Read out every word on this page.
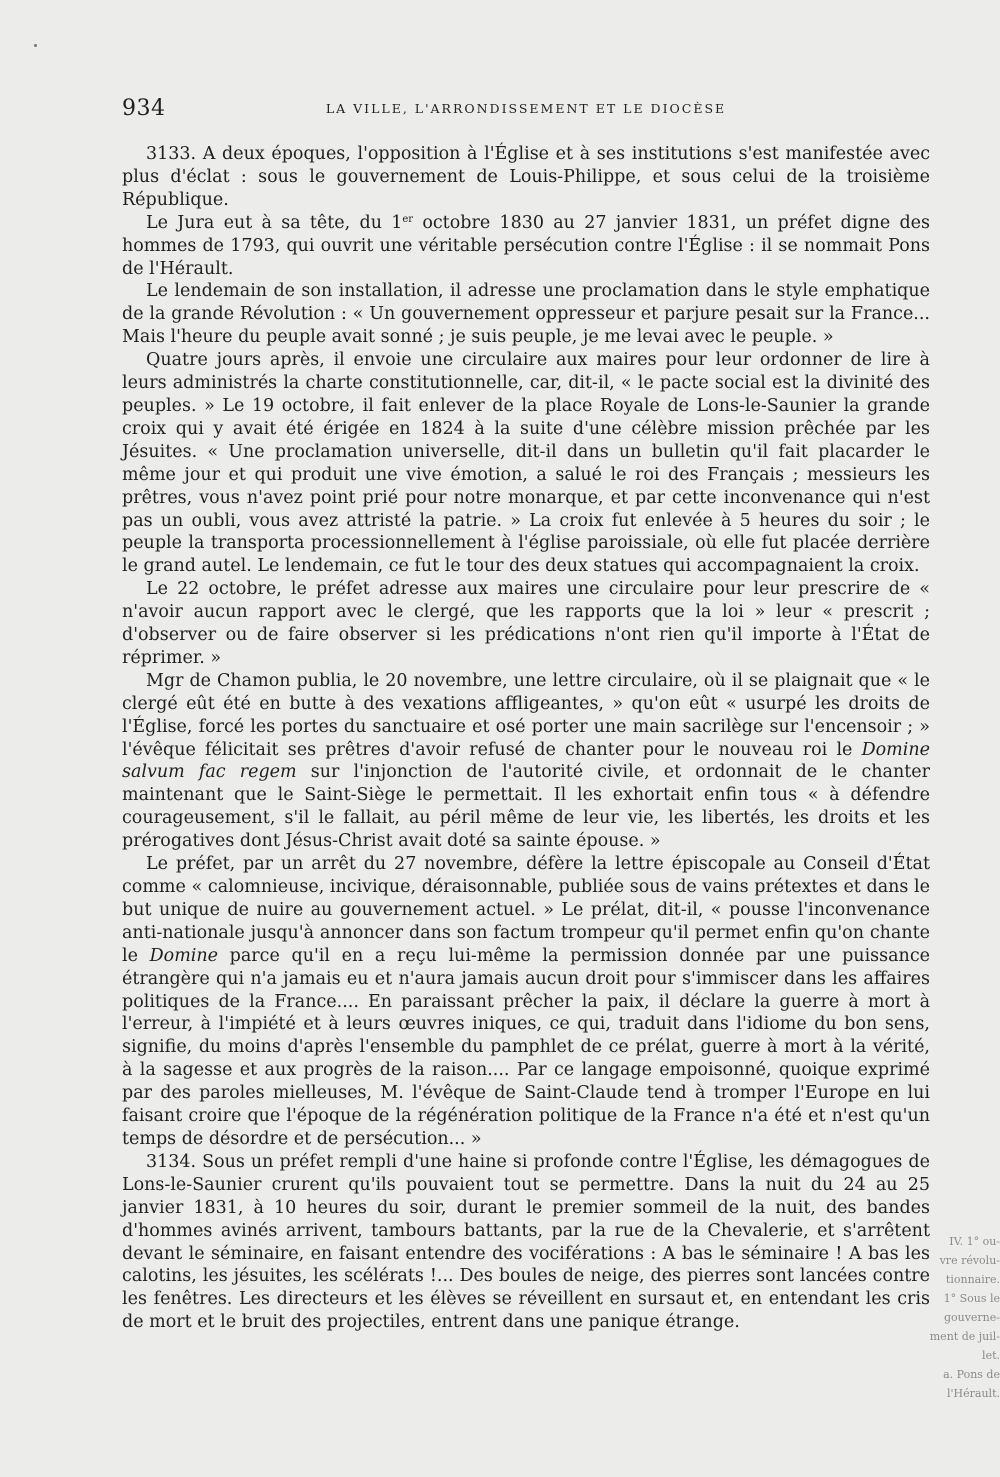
934	LA VILLE, L'ARRONDISSEMENT ET LE DIOCÈSE

3133. A deux époques, l'opposition à l'Église et à ses institutions s'est manifestée avec plus d'éclat : sous le gouvernement de Louis-Philippe, et sous celui de la troisième République.

Le Jura eut à sa tête, du 1er octobre 1830 au 27 janvier 1831, un préfet digne des hommes de 1793, qui ouvrit une véritable persécution contre l'Église : il se nommait Pons de l'Hérault.

Le lendemain de son installation, il adresse une proclamation dans le style emphatique de la grande Révolution : « Un gouvernement oppresseur et parjure pesait sur la France... Mais l'heure du peuple avait sonné ; je suis peuple, je me levai avec le peuple. »

Quatre jours après, il envoie une circulaire aux maires pour leur ordonner de lire à leurs administrés la charte constitutionnelle, car, dit-il, « le pacte social est la divinité des peuples. » Le 19 octobre, il fait enlever de la place Royale de Lons-le-Saunier la grande croix qui y avait été érigée en 1824 à la suite d'une célèbre mission prêchée par les Jésuites. « Une proclamation universelle, dit-il dans un bulletin qu'il fait placarder le même jour et qui produit une vive émotion, a salué le roi des Français ; messieurs les prêtres, vous n'avez point prié pour notre monarque, et par cette inconvenance qui n'est pas un oubli, vous avez attristé la patrie. » La croix fut enlevée à 5 heures du soir ; le peuple la transporta processionnellement à l'église paroissiale, où elle fut placée derrière le grand autel. Le lendemain, ce fut le tour des deux statues qui accompagnaient la croix.

Le 22 octobre, le préfet adresse aux maires une circulaire pour leur prescrire de « n'avoir aucun rapport avec le clergé, que les rapports que la loi » leur « prescrit ; d'observer ou de faire observer si les prédications n'ont rien qu'il importe à l'État de réprimer. »

Mgr de Chamon publia, le 20 novembre, une lettre circulaire, où il se plaignait que « le clergé eût été en butte à des vexations affligeantes, » qu'on eût « usurpé les droits de l'Église, forcé les portes du sanctuaire et osé porter une main sacrilège sur l'encensoir ; » l'évêque félicitait ses prêtres d'avoir refusé de chanter pour le nouveau roi le Domine salvum fac regem sur l'injonction de l'autorité civile, et ordonnait de le chanter maintenant que le Saint-Siège le permettait. Il les exhortait enfin tous « à défendre courageusement, s'il le fallait, au péril même de leur vie, les libertés, les droits et les prérogatives dont Jésus-Christ avait doté sa sainte épouse. »

Le préfet, par un arrêt du 27 novembre, défère la lettre épiscopale au Conseil d'État comme « calomnieuse, incivique, déraisonnable, publiée sous de vains prétextes et dans le but unique de nuire au gouvernement actuel. » Le prélat, dit-il, « pousse l'inconvenance anti-nationale jusqu'à annoncer dans son factum trompeur qu'il permet enfin qu'on chante le Domine parce qu'il en a reçu lui-même la permission donnée par une puissance étrangère qui n'a jamais eu et n'aura jamais aucun droit pour s'immiscer dans les affaires politiques de la France.... En paraissant prêcher la paix, il déclare la guerre à mort à l'erreur, à l'impiété et à leurs œuvres iniques, ce qui, traduit dans l'idiome du bon sens, signifie, du moins d'après l'ensemble du pamphlet de ce prélat, guerre à mort à la vérité, à la sagesse et aux progrès de la raison.... Par ce langage empoisonné, quoique exprimé par des paroles mielleuses, M. l'évêque de Saint-Claude tend à tromper l'Europe en lui faisant croire que l'époque de la régénération politique de la France n'a été et n'est qu'un temps de désordre et de persécution... »

3134. Sous un préfet rempli d'une haine si profonde contre l'Église, les démagogues de Lons-le-Saunier crurent qu'ils pouvaient tout se permettre. Dans la nuit du 24 au 25 janvier 1831, à 10 heures du soir, durant le premier sommeil de la nuit, des bandes d'hommes avinés arrivent, tambours battants, par la rue de la Chevalerie, et s'arrêtent devant le séminaire, en faisant entendre des vociférations : A bas le séminaire ! A bas les calotins, les jésuites, les scélérats !... Des boules de neige, des pierres sont lancées contre les fenêtres. Les directeurs et les élèves se réveillent en sursaut et, en entendant les cris de mort et le bruit des projectiles, entrent dans une panique étrange.

IV. 1° ou-
vre révolu-
tionnaire.
1° Sous le
gouverne-
ment de juil-
let.
a. Pons de
l'Hérault.
